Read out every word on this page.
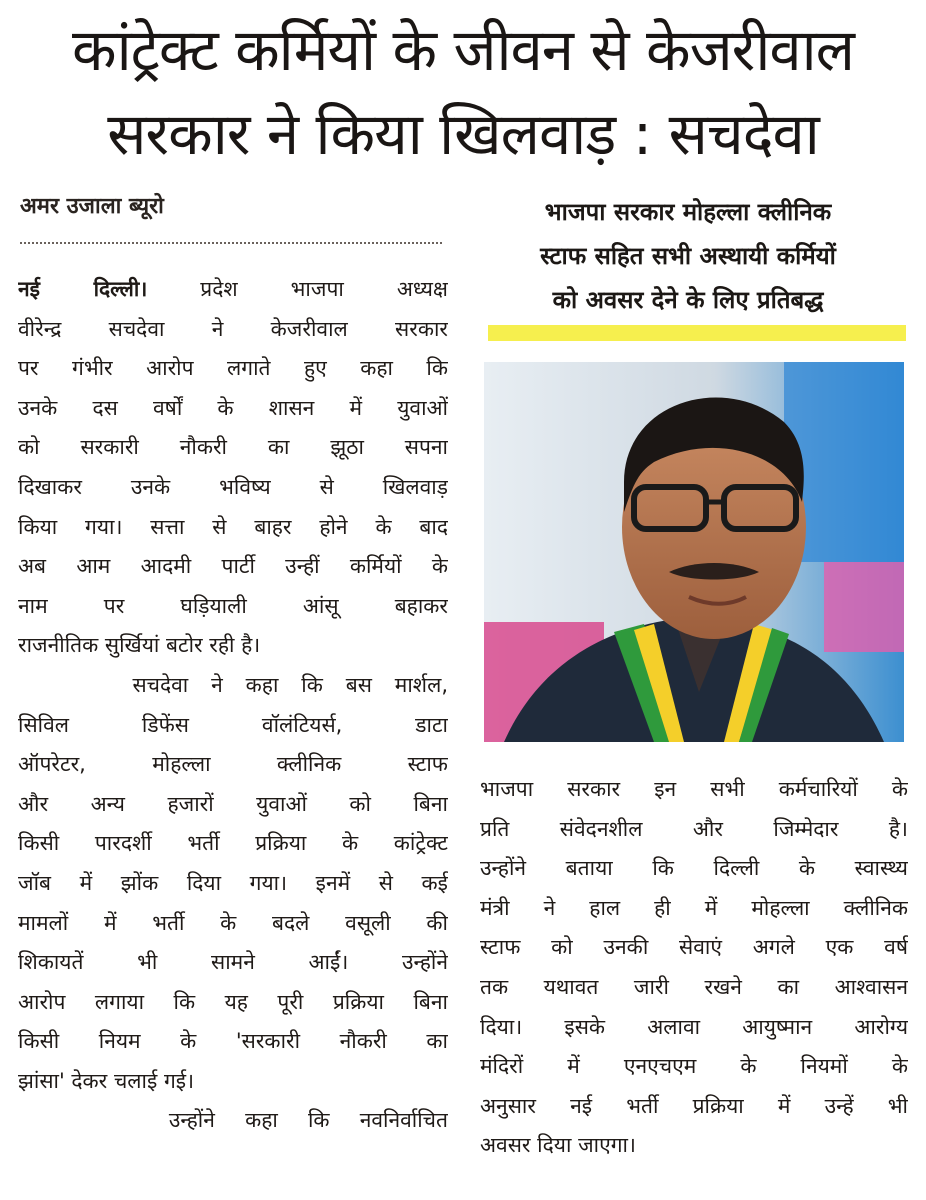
कांट्रेक्ट कर्मियों के जीवन से केजरीवाल
सरकार ने किया खिलवाड़ : सचदेवा
अमर उजाला ब्यूरो
नई दिल्ली। प्रदेश भाजपा अध्यक्ष
वीरेन्द्र सचदेवा ने केजरीवाल सरकार
पर गंभीर आरोप लगाते हुए कहा कि
उनके दस वर्षों के शासन में युवाओं
को सरकारी नौकरी का झूठा सपना
दिखाकर उनके भविष्य से खिलवाड़
किया गया। सत्ता से बाहर होने के बाद
अब आम आदमी पार्टी उन्हीं कर्मियों के
नाम पर घड़ियाली आंसू बहाकर
राजनीतिक सुर्खियां बटोर रही है।
सचदेवा ने कहा कि बस मार्शल,
सिविल डिफेंस वॉलंटियर्स, डाटा
ऑपरेटर, मोहल्ला क्लीनिक स्टाफ
और अन्य हजारों युवाओं को बिना
किसी पारदर्शी भर्ती प्रक्रिया के कांट्रेक्ट
जॉब में झोंक दिया गया। इनमें से कई
मामलों में भर्ती के बदले वसूली की
शिकायतें भी सामने आईं। उन्होंने
आरोप लगाया कि यह पूरी प्रक्रिया बिना
किसी नियम के 'सरकारी नौकरी का
झांसा' देकर चलाई गई।
उन्होंने कहा कि नवनिर्वाचित
भाजपा सरकार मोहल्ला क्लीनिक
स्टाफ सहित सभी अस्थायी कर्मियों
को अवसर देने के लिए प्रतिबद्ध
भाजपा सरकार इन सभी कर्मचारियों के
प्रति संवेदनशील और जिम्मेदार है।
उन्होंने बताया कि दिल्ली के स्वास्थ्य
मंत्री ने हाल ही में मोहल्ला क्लीनिक
स्टाफ को उनकी सेवाएं अगले एक वर्ष
तक यथावत जारी रखने का आश्वासन
दिया। इसके अलावा आयुष्मान आरोग्य
मंदिरों में एनएचएम के नियमों के
अनुसार नई भर्ती प्रक्रिया में उन्हें भी
अवसर दिया जाएगा।
